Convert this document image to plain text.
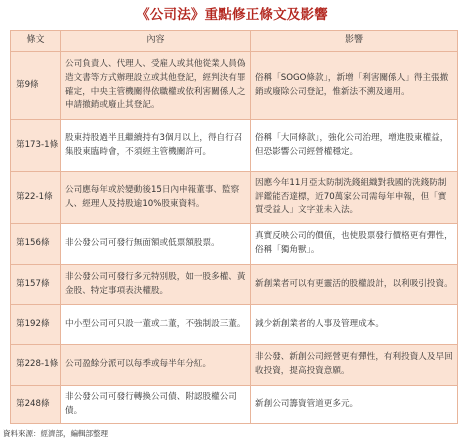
《公司法》重點修正條文及影響
條文	內容	影響
第9條	公司負責人、代理人、受雇人或其他從業人員偽造文書等方式辦理設立或其他登記，經判決有罪確定，中央主管機關得依職權或依利害關係人之申請撤銷或廢止其登記。	俗稱「SOGO條款」，新增「利害關係人」得主張撤銷或廢除公司登記，惟新法不溯及適用。
第173-1條	股東持股過半且繼續持有3個月以上，得自行召集股東臨時會，不須經主管機關許可。	俗稱「大同條款」，強化公司治理，增進股東權益，但恐影響公司經營權穩定。
第22-1條	公司應每年或於變動後15日內申報董事、監察人、經理人及持股逾10%股東資料。	因應今年11月亞太防制洗錢組織對我國的洗錢防制評鑑能否達標，近70萬家公司需每年申報，但「實質受益人」文字並未入法。
第156條	非公發公司可發行無面額或低票額股票。	真實反映公司的價值，也使股票發行價格更有彈性，俗稱「獨角獸」。
第157條	非公發公司可發行多元特別股，如一股多權、黃金股、特定事項表決權股。	新創業者可以有更靈活的股權設計，以利吸引投資。
第192條	中小型公司可只設一董或二董，不強制設三董。	減少新創業者的人事及管理成本。
第228-1條	公司盈餘分派可以每季或每半年分紅。	非公發、新創公司經營更有彈性，有利投資人及早回收投資，提高投資意願。
第248條	非公發公司可發行轉換公司債、附認股權公司債。	新創公司籌資管道更多元。
資料來源：經濟部，編輯部整理
